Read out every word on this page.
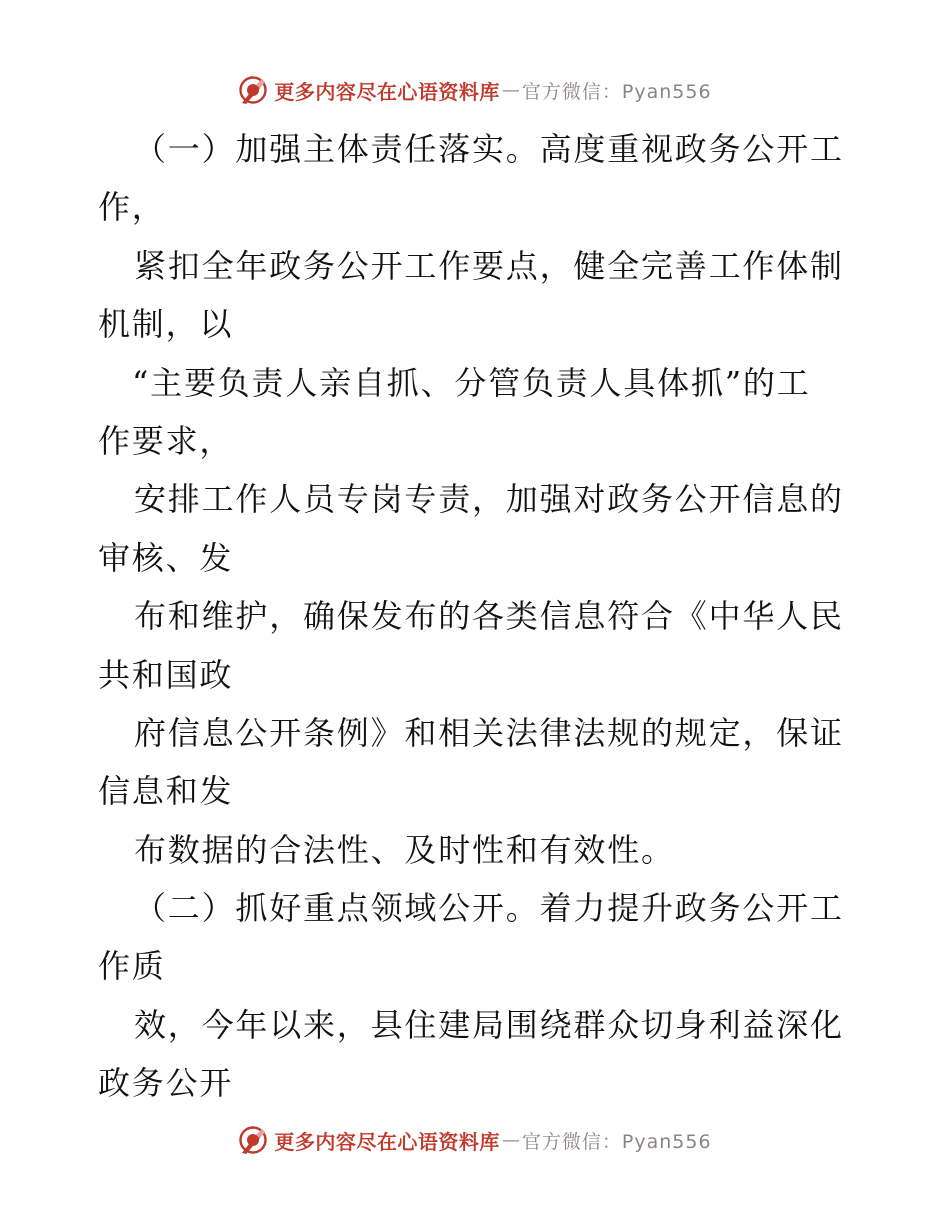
更多内容尽在心语资料库 — 官方微信：Pyan556
（一）加强主体责任落实。高度重视政务公开工
作，
紧扣全年政务公开工作要点，健全完善工作体制
机制，以
“主要负责人亲自抓、分管负责人具体抓”的工
作要求，
安排工作人员专岗专责，加强对政务公开信息的
审核、发
布和维护，确保发布的各类信息符合《中华人民
共和国政
府信息公开条例》和相关法律法规的规定，保证
信息和发
布数据的合法性、及时性和有效性。
（二）抓好重点领域公开。着力提升政务公开工
作质
效，今年以来，县住建局围绕群众切身利益深化
政务公开
更多内容尽在心语资料库 — 官方微信：Pyan556
